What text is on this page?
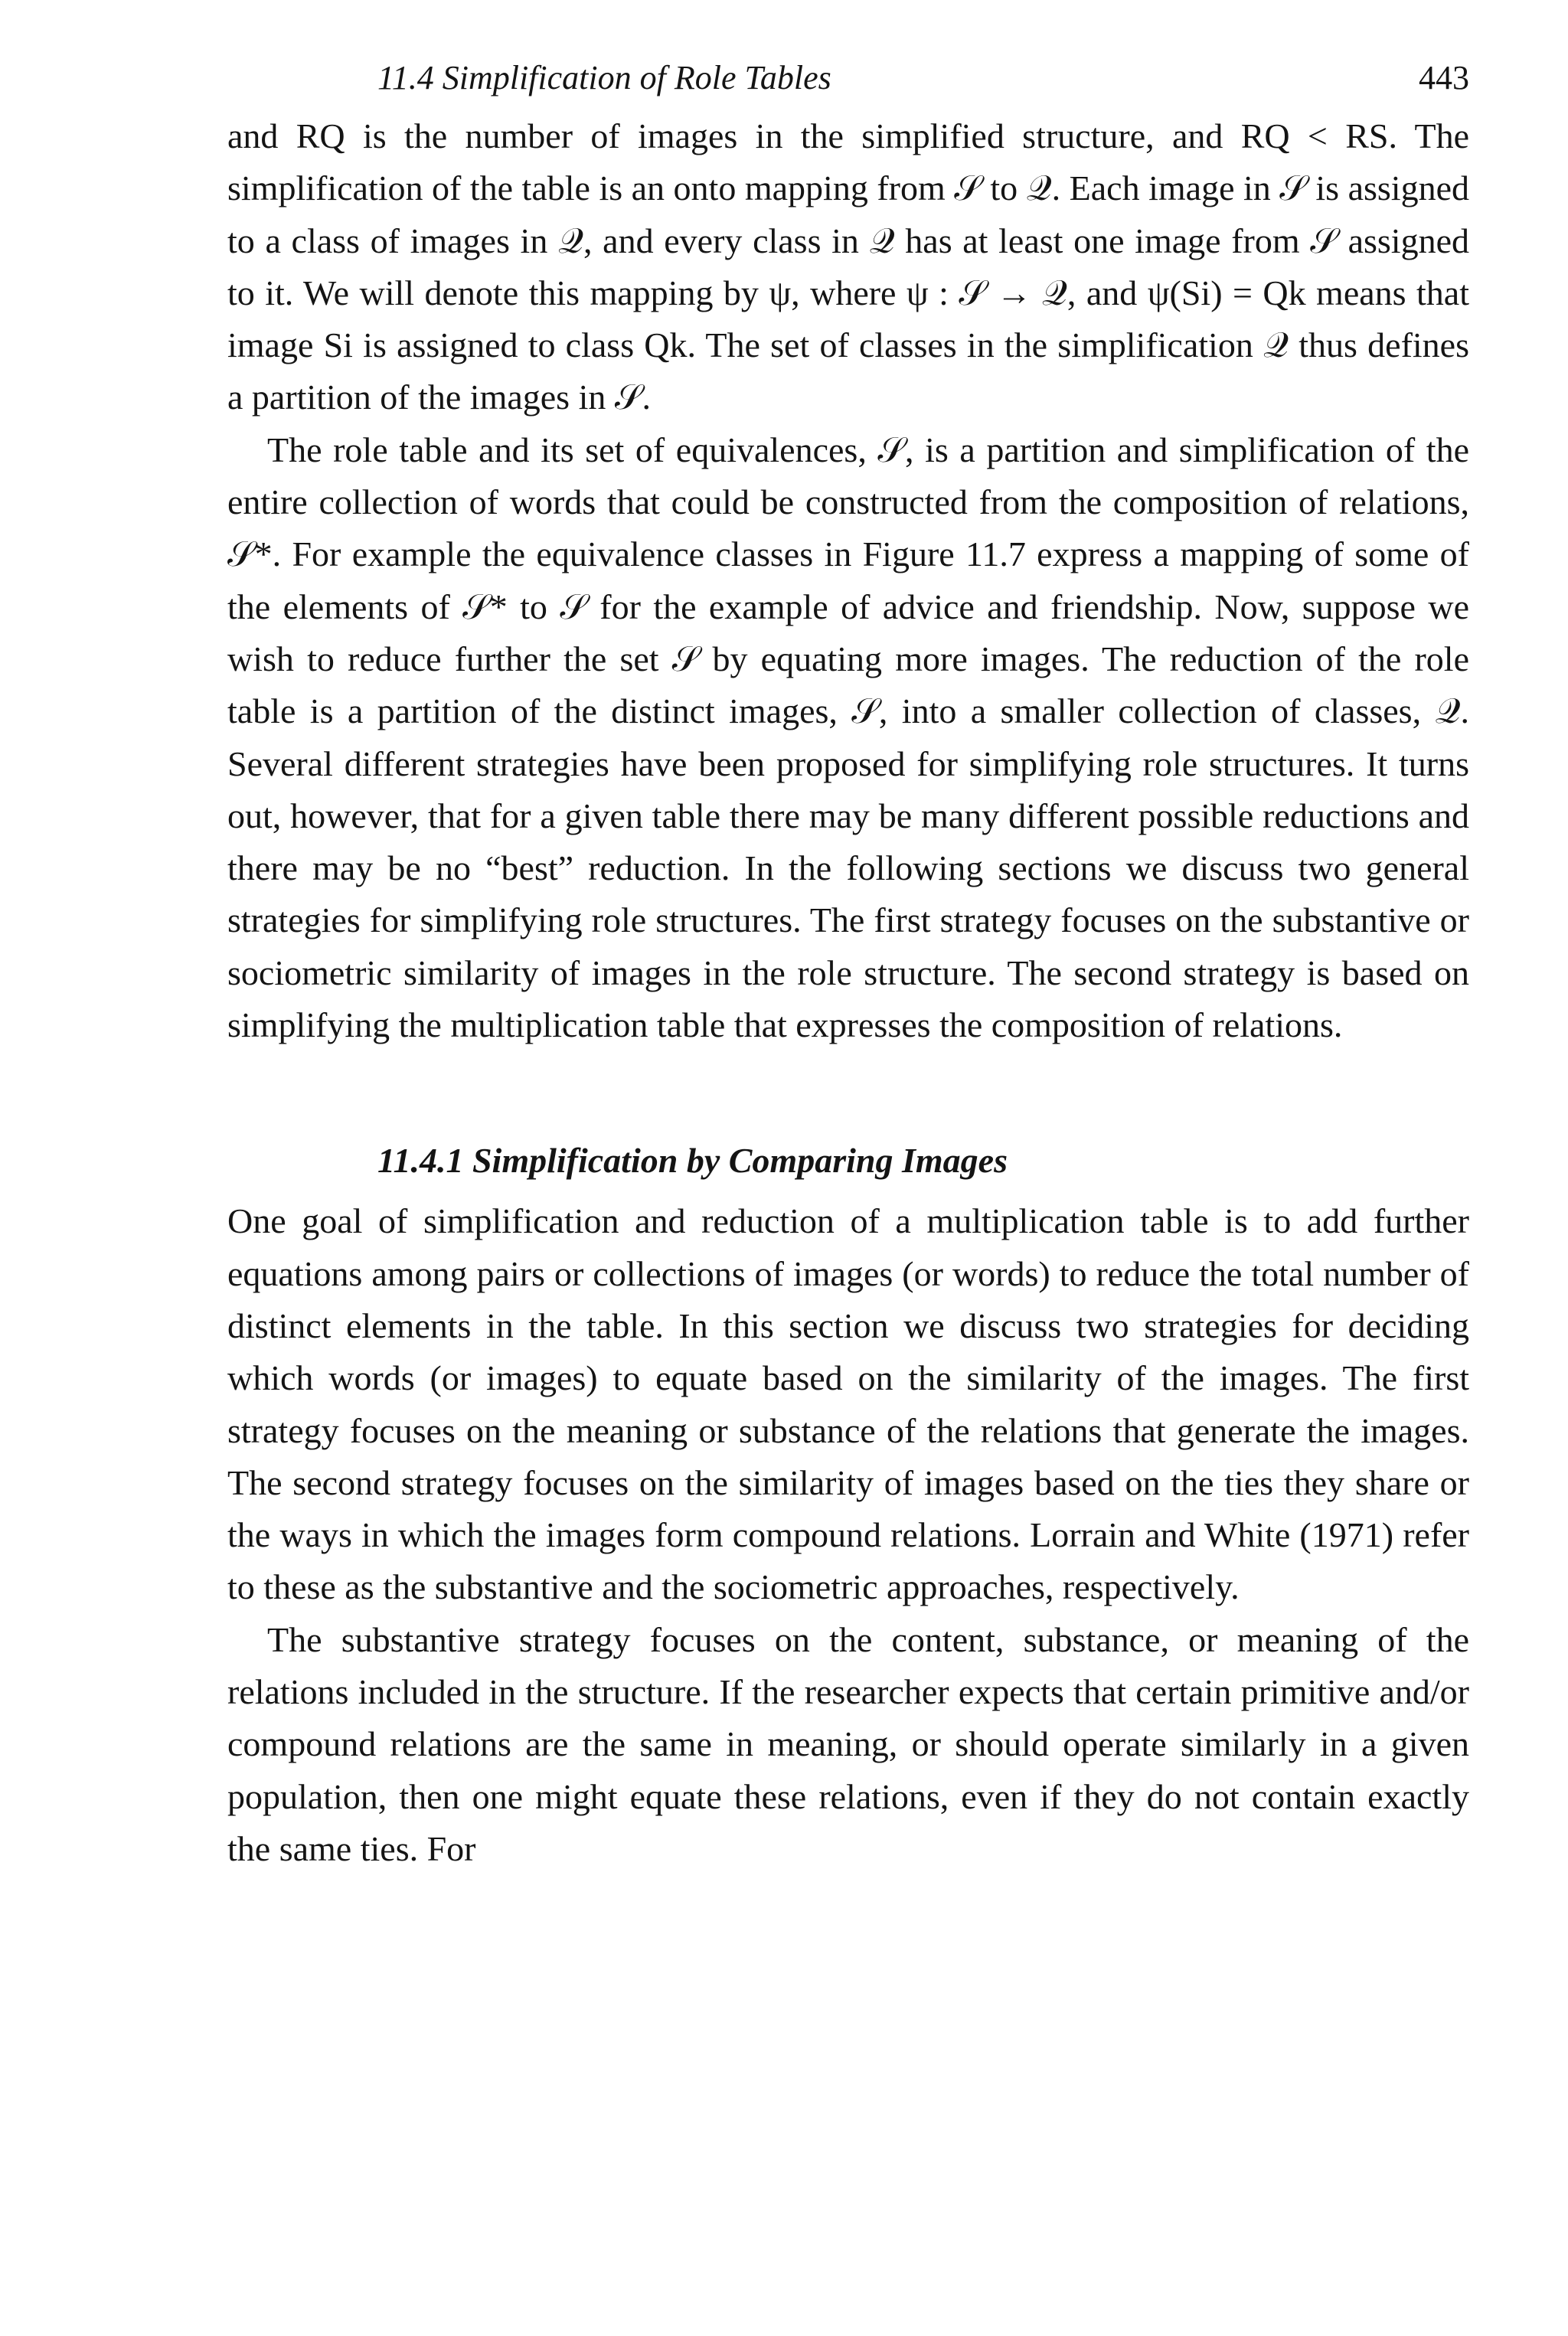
11.4 Simplification of Role Tables	443

and RQ is the number of images in the simplified structure, and RQ < RS. The simplification of the table is an onto mapping from 𝒮 to 𝒬. Each image in 𝒮 is assigned to a class of images in 𝒬, and every class in 𝒬 has at least one image from 𝒮 assigned to it. We will denote this mapping by ψ, where ψ : 𝒮 → 𝒬, and ψ(Si) = Qk means that image Si is assigned to class Qk. The set of classes in the simplification 𝒬 thus defines a partition of the images in 𝒮.

The role table and its set of equivalences, 𝒮, is a partition and simplification of the entire collection of words that could be constructed from the composition of relations, 𝒮*. For example the equivalence classes in Figure 11.7 express a mapping of some of the elements of 𝒮* to 𝒮 for the example of advice and friendship. Now, suppose we wish to reduce further the set 𝒮 by equating more images. The reduction of the role table is a partition of the distinct images, 𝒮, into a smaller collection of classes, 𝒬. Several different strategies have been proposed for simplifying role structures. It turns out, however, that for a given table there may be many different possible reductions and there may be no “best” reduction. In the following sections we discuss two general strategies for simplifying role structures. The first strategy focuses on the substantive or sociometric similarity of images in the role structure. The second strategy is based on simplifying the multiplication table that expresses the composition of relations.

11.4.1 Simplification by Comparing Images

One goal of simplification and reduction of a multiplication table is to add further equations among pairs or collections of images (or words) to reduce the total number of distinct elements in the table. In this section we discuss two strategies for deciding which words (or images) to equate based on the similarity of the images. The first strategy focuses on the meaning or substance of the relations that generate the images. The second strategy focuses on the similarity of images based on the ties they share or the ways in which the images form compound relations. Lorrain and White (1971) refer to these as the substantive and the sociometric approaches, respectively.

The substantive strategy focuses on the content, substance, or meaning of the relations included in the structure. If the researcher expects that certain primitive and/or compound relations are the same in meaning, or should operate similarly in a given population, then one might equate these relations, even if they do not contain exactly the same ties. For
